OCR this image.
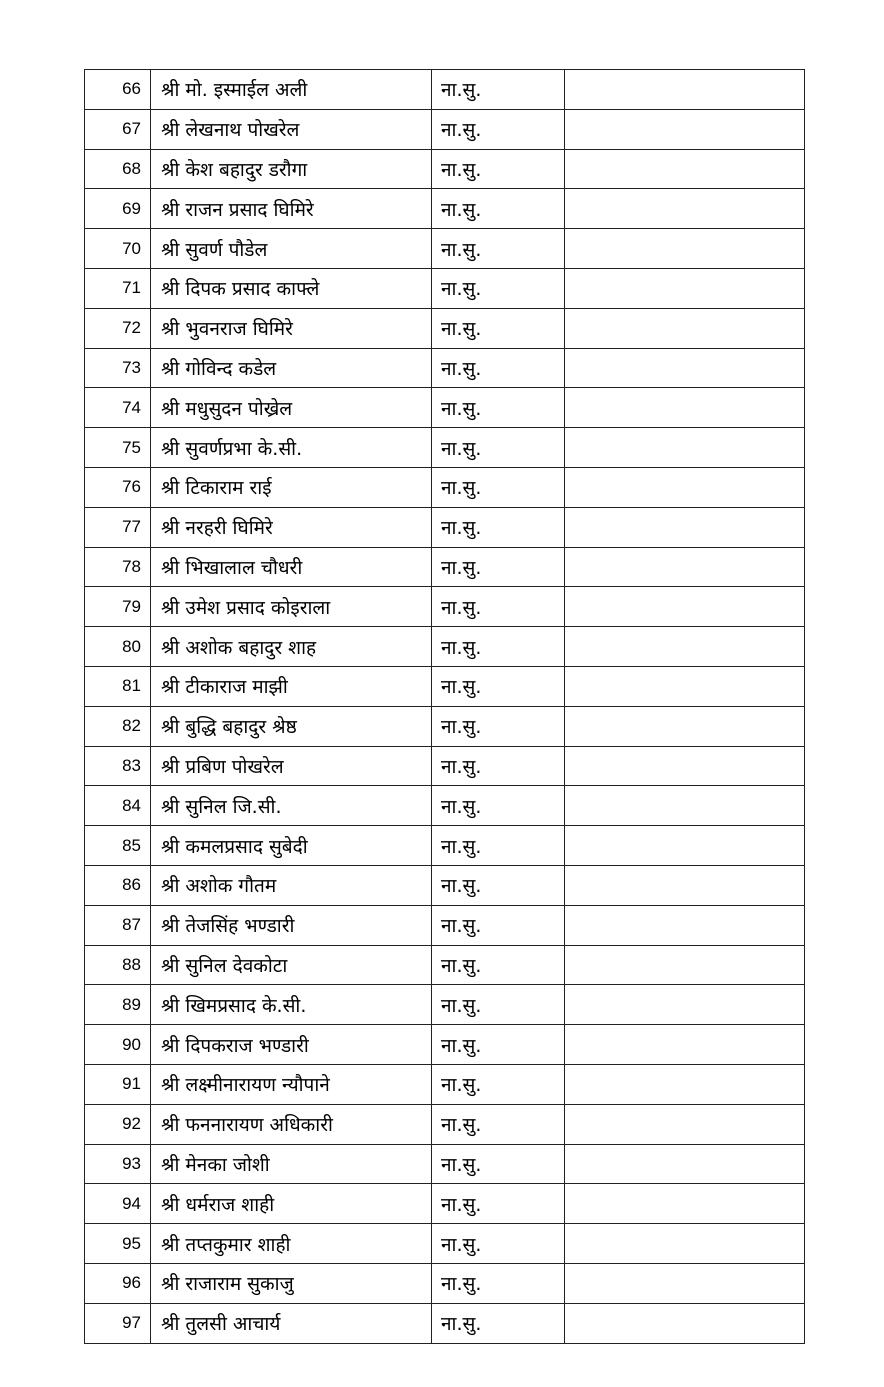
66	श्री मो. इस्माईल अली	ना.सु.	
67	श्री लेखनाथ पोखरेल	ना.सु.	
68	श्री केश बहादुर डरौगा	ना.सु.	
69	श्री राजन प्रसाद घिमिरे	ना.सु.	
70	श्री सुवर्ण पौडेल	ना.सु.	
71	श्री दिपक प्रसाद काफ्ले	ना.सु.	
72	श्री भुवनराज घिमिरे	ना.सु.	
73	श्री गोविन्द कडेल	ना.सु.	
74	श्री मधुसुदन पोख्रेल	ना.सु.	
75	श्री सुवर्णप्रभा के.सी.	ना.सु.	
76	श्री टिकाराम राई	ना.सु.	
77	श्री नरहरी घिमिरे	ना.सु.	
78	श्री भिखालाल चौधरी	ना.सु.	
79	श्री उमेश प्रसाद कोइराला	ना.सु.	
80	श्री अशोक बहादुर शाह	ना.सु.	
81	श्री टीकाराज माझी	ना.सु.	
82	श्री बुद्धि बहादुर श्रेष्ठ	ना.सु.	
83	श्री प्रबिण पोखरेल	ना.सु.	
84	श्री सुनिल जि.सी.	ना.सु.	
85	श्री कमलप्रसाद सुबेदी	ना.सु.	
86	श्री अशोक गौतम	ना.सु.	
87	श्री तेजसिंह भण्डारी	ना.सु.	
88	श्री सुनिल देवकोटा	ना.सु.	
89	श्री खिमप्रसाद के.सी.	ना.सु.	
90	श्री दिपकराज भण्डारी	ना.सु.	
91	श्री लक्ष्मीनारायण न्यौपाने	ना.सु.	
92	श्री फननारायण अधिकारी	ना.सु.	
93	श्री मेनका जोशी	ना.सु.	
94	श्री धर्मराज शाही	ना.सु.	
95	श्री तप्तकुमार शाही	ना.सु.	
96	श्री राजाराम सुकाजु	ना.सु.	
97	श्री तुलसी आचार्य	ना.सु.	
